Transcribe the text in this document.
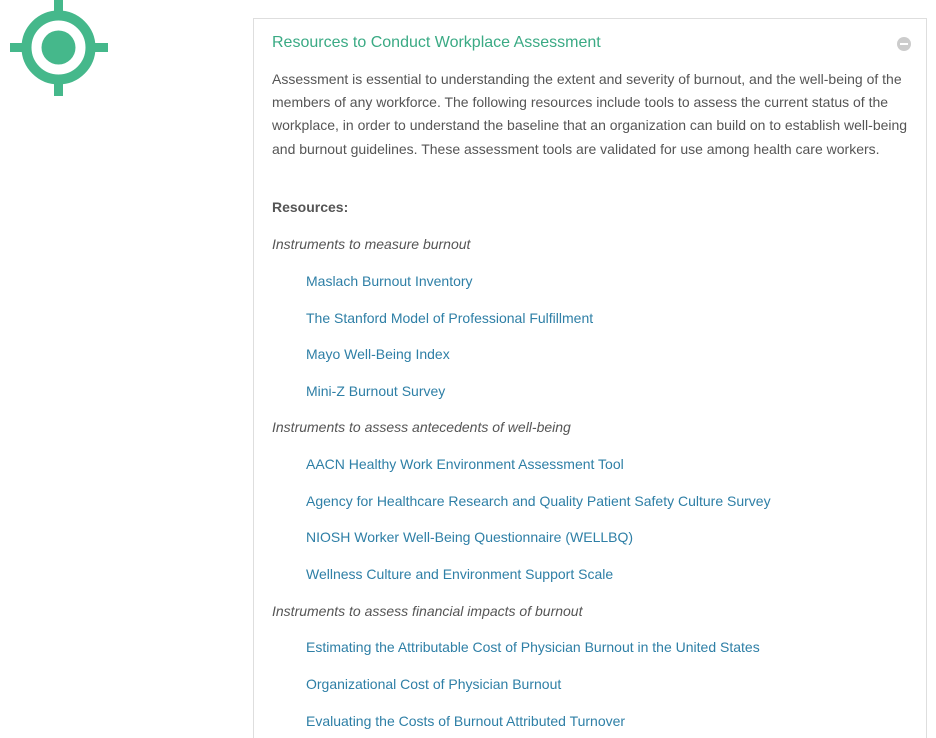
Resources to Conduct Workplace Assessment

Assessment is essential to understanding the extent and severity of burnout, and the well-being of the members of any workforce. The following resources include tools to assess the current status of the workplace, in order to understand the baseline that an organization can build on to establish well-being and burnout guidelines. These assessment tools are validated for use among health care workers.

Resources:

Instruments to measure burnout

Maslach Burnout Inventory
The Stanford Model of Professional Fulfillment
Mayo Well-Being Index
Mini-Z Burnout Survey

Instruments to assess antecedents of well-being

AACN Healthy Work Environment Assessment Tool
Agency for Healthcare Research and Quality Patient Safety Culture Survey
NIOSH Worker Well-Being Questionnaire (WELLBQ)
Wellness Culture and Environment Support Scale

Instruments to assess financial impacts of burnout

Estimating the Attributable Cost of Physician Burnout in the United States
Organizational Cost of Physician Burnout
Evaluating the Costs of Burnout Attributed Turnover
